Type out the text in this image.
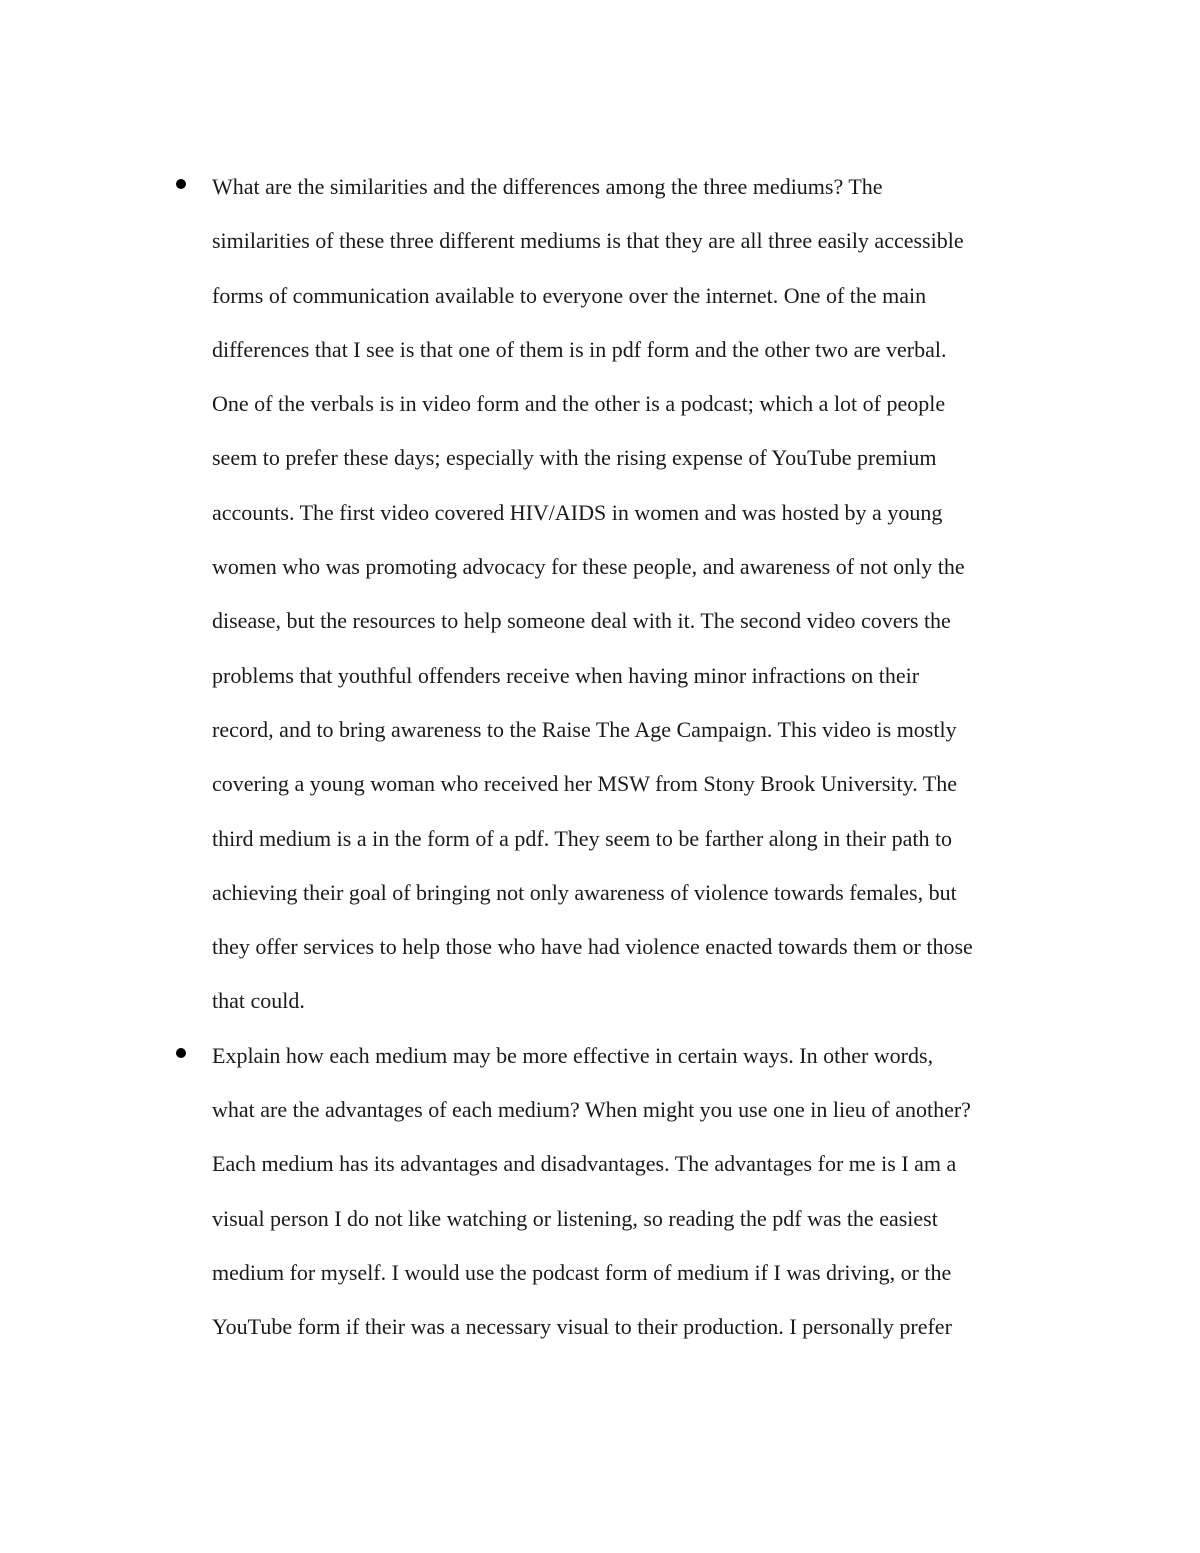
What are the similarities and the differences among the three mediums? The
similarities of these three different mediums is that they are all three easily accessible
forms of communication available to everyone over the internet. One of the main
differences that I see is that one of them is in pdf form and the other two are verbal.
One of the verbals is in video form and the other is a podcast; which a lot of people
seem to prefer these days; especially with the rising expense of YouTube premium
accounts. The first video covered HIV/AIDS in women and was hosted by a young
women who was promoting advocacy for these people, and awareness of not only the
disease, but the resources to help someone deal with it. The second video covers the
problems that youthful offenders receive when having minor infractions on their
record, and to bring awareness to the Raise The Age Campaign. This video is mostly
covering a young woman who received her MSW from Stony Brook University. The
third medium is a in the form of a pdf. They seem to be farther along in their path to
achieving their goal of bringing not only awareness of violence towards females, but
they offer services to help those who have had violence enacted towards them or those
that could.
Explain how each medium may be more effective in certain ways. In other words,
what are the advantages of each medium? When might you use one in lieu of another?
Each medium has its advantages and disadvantages. The advantages for me is I am a
visual person I do not like watching or listening, so reading the pdf was the easiest
medium for myself. I would use the podcast form of medium if I was driving, or the
YouTube form if their was a necessary visual to their production. I personally prefer
